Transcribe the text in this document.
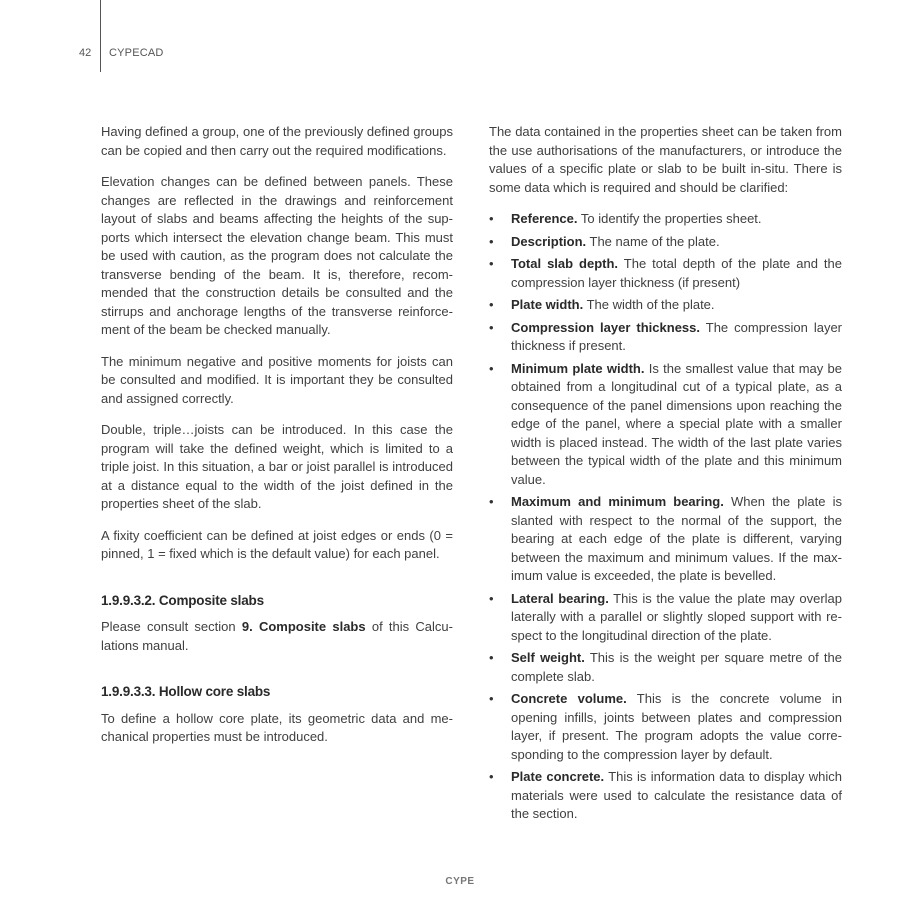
42 CYPECAD

Having defined a group, one of the previously defined groups can be copied and then carry out the required modifications.

Elevation changes can be defined between panels. These changes are reflected in the drawings and reinforcement layout of slabs and beams affecting the heights of the supports which intersect the elevation change beam. This must be used with caution, as the program does not calculate the transverse bending of the beam. It is, therefore, recommended that the construction details be consulted and the stirrups and anchorage lengths of the transverse reinforcement of the beam be checked manually.

The minimum negative and positive moments for joists can be consulted and modified. It is important they be consulted and assigned correctly.

Double, triple…joists can be introduced. In this case the program will take the defined weight, which is limited to a triple joist. In this situation, a bar or joist parallel is introduced at a distance equal to the width of the joist defined in the properties sheet of the slab.

A fixity coefficient can be defined at joist edges or ends (0 = pinned, 1 = fixed which is the default value) for each panel.

1.9.9.3.2. Composite slabs

Please consult section 9. Composite slabs of this Calculations manual.

1.9.9.3.3. Hollow core slabs

To define a hollow core plate, its geometric data and mechanical properties must be introduced.

The data contained in the properties sheet can be taken from the use authorisations of the manufacturers, or introduce the values of a specific plate or slab to be built in-situ. There is some data which is required and should be clarified:

• Reference. To identify the properties sheet.
• Description. The name of the plate.
• Total slab depth. The total depth of the plate and the compression layer thickness (if present)
• Plate width. The width of the plate.
• Compression layer thickness. The compression layer thickness if present.
• Minimum plate width. Is the smallest value that may be obtained from a longitudinal cut of a typical plate, as a consequence of the panel dimensions upon reaching the edge of the panel, where a special plate with a smaller width is placed instead. The width of the last plate varies between the typical width of the plate and this minimum value.
• Maximum and minimum bearing. When the plate is slanted with respect to the normal of the support, the bearing at each edge of the plate is different, varying between the maximum and minimum values. If the maximum value is exceeded, the plate is bevelled.
• Lateral bearing. This is the value the plate may overlap laterally with a parallel or slightly sloped support with respect to the longitudinal direction of the plate.
• Self weight. This is the weight per square metre of the complete slab.
• Concrete volume. This is the concrete volume in opening infills, joints between plates and compression layer, if present. The program adopts the value corresponding to the compression layer by default.
• Plate concrete. This is information data to display which materials were used to calculate the resistance data of the section.
CYPE
